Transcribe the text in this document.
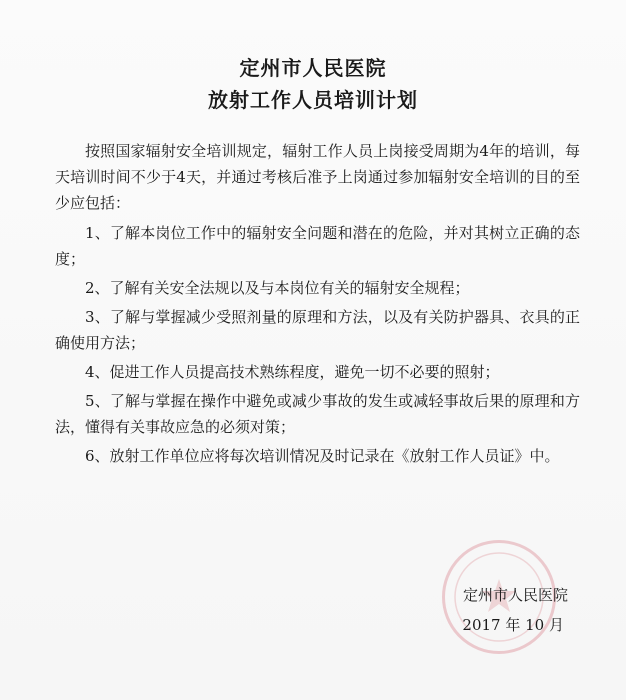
定州市人民医院
放射工作人员培训计划
按照国家辐射安全培训规定，辐射工作人员上岗接受周期为4年的培训，每天培训时间不少于4天，并通过考核后准予上岗通过参加辐射安全培训的目的至少应包括：
1、了解本岗位工作中的辐射安全问题和潜在的危险，并对其树立正确的态度；
2、了解有关安全法规以及与本岗位有关的辐射安全规程；
3、了解与掌握减少受照剂量的原理和方法，以及有关防护器具、衣具的正确使用方法；
4、促进工作人员提高技术熟练程度，避免一切不必要的照射；
5、了解与掌握在操作中避免或减少事故的发生或减轻事故后果的原理和方法，懂得有关事故应急的必须对策；
6、放射工作单位应将每次培训情况及时记录在《放射工作人员证》中。
定州市人民医院
2017 年 10 月
